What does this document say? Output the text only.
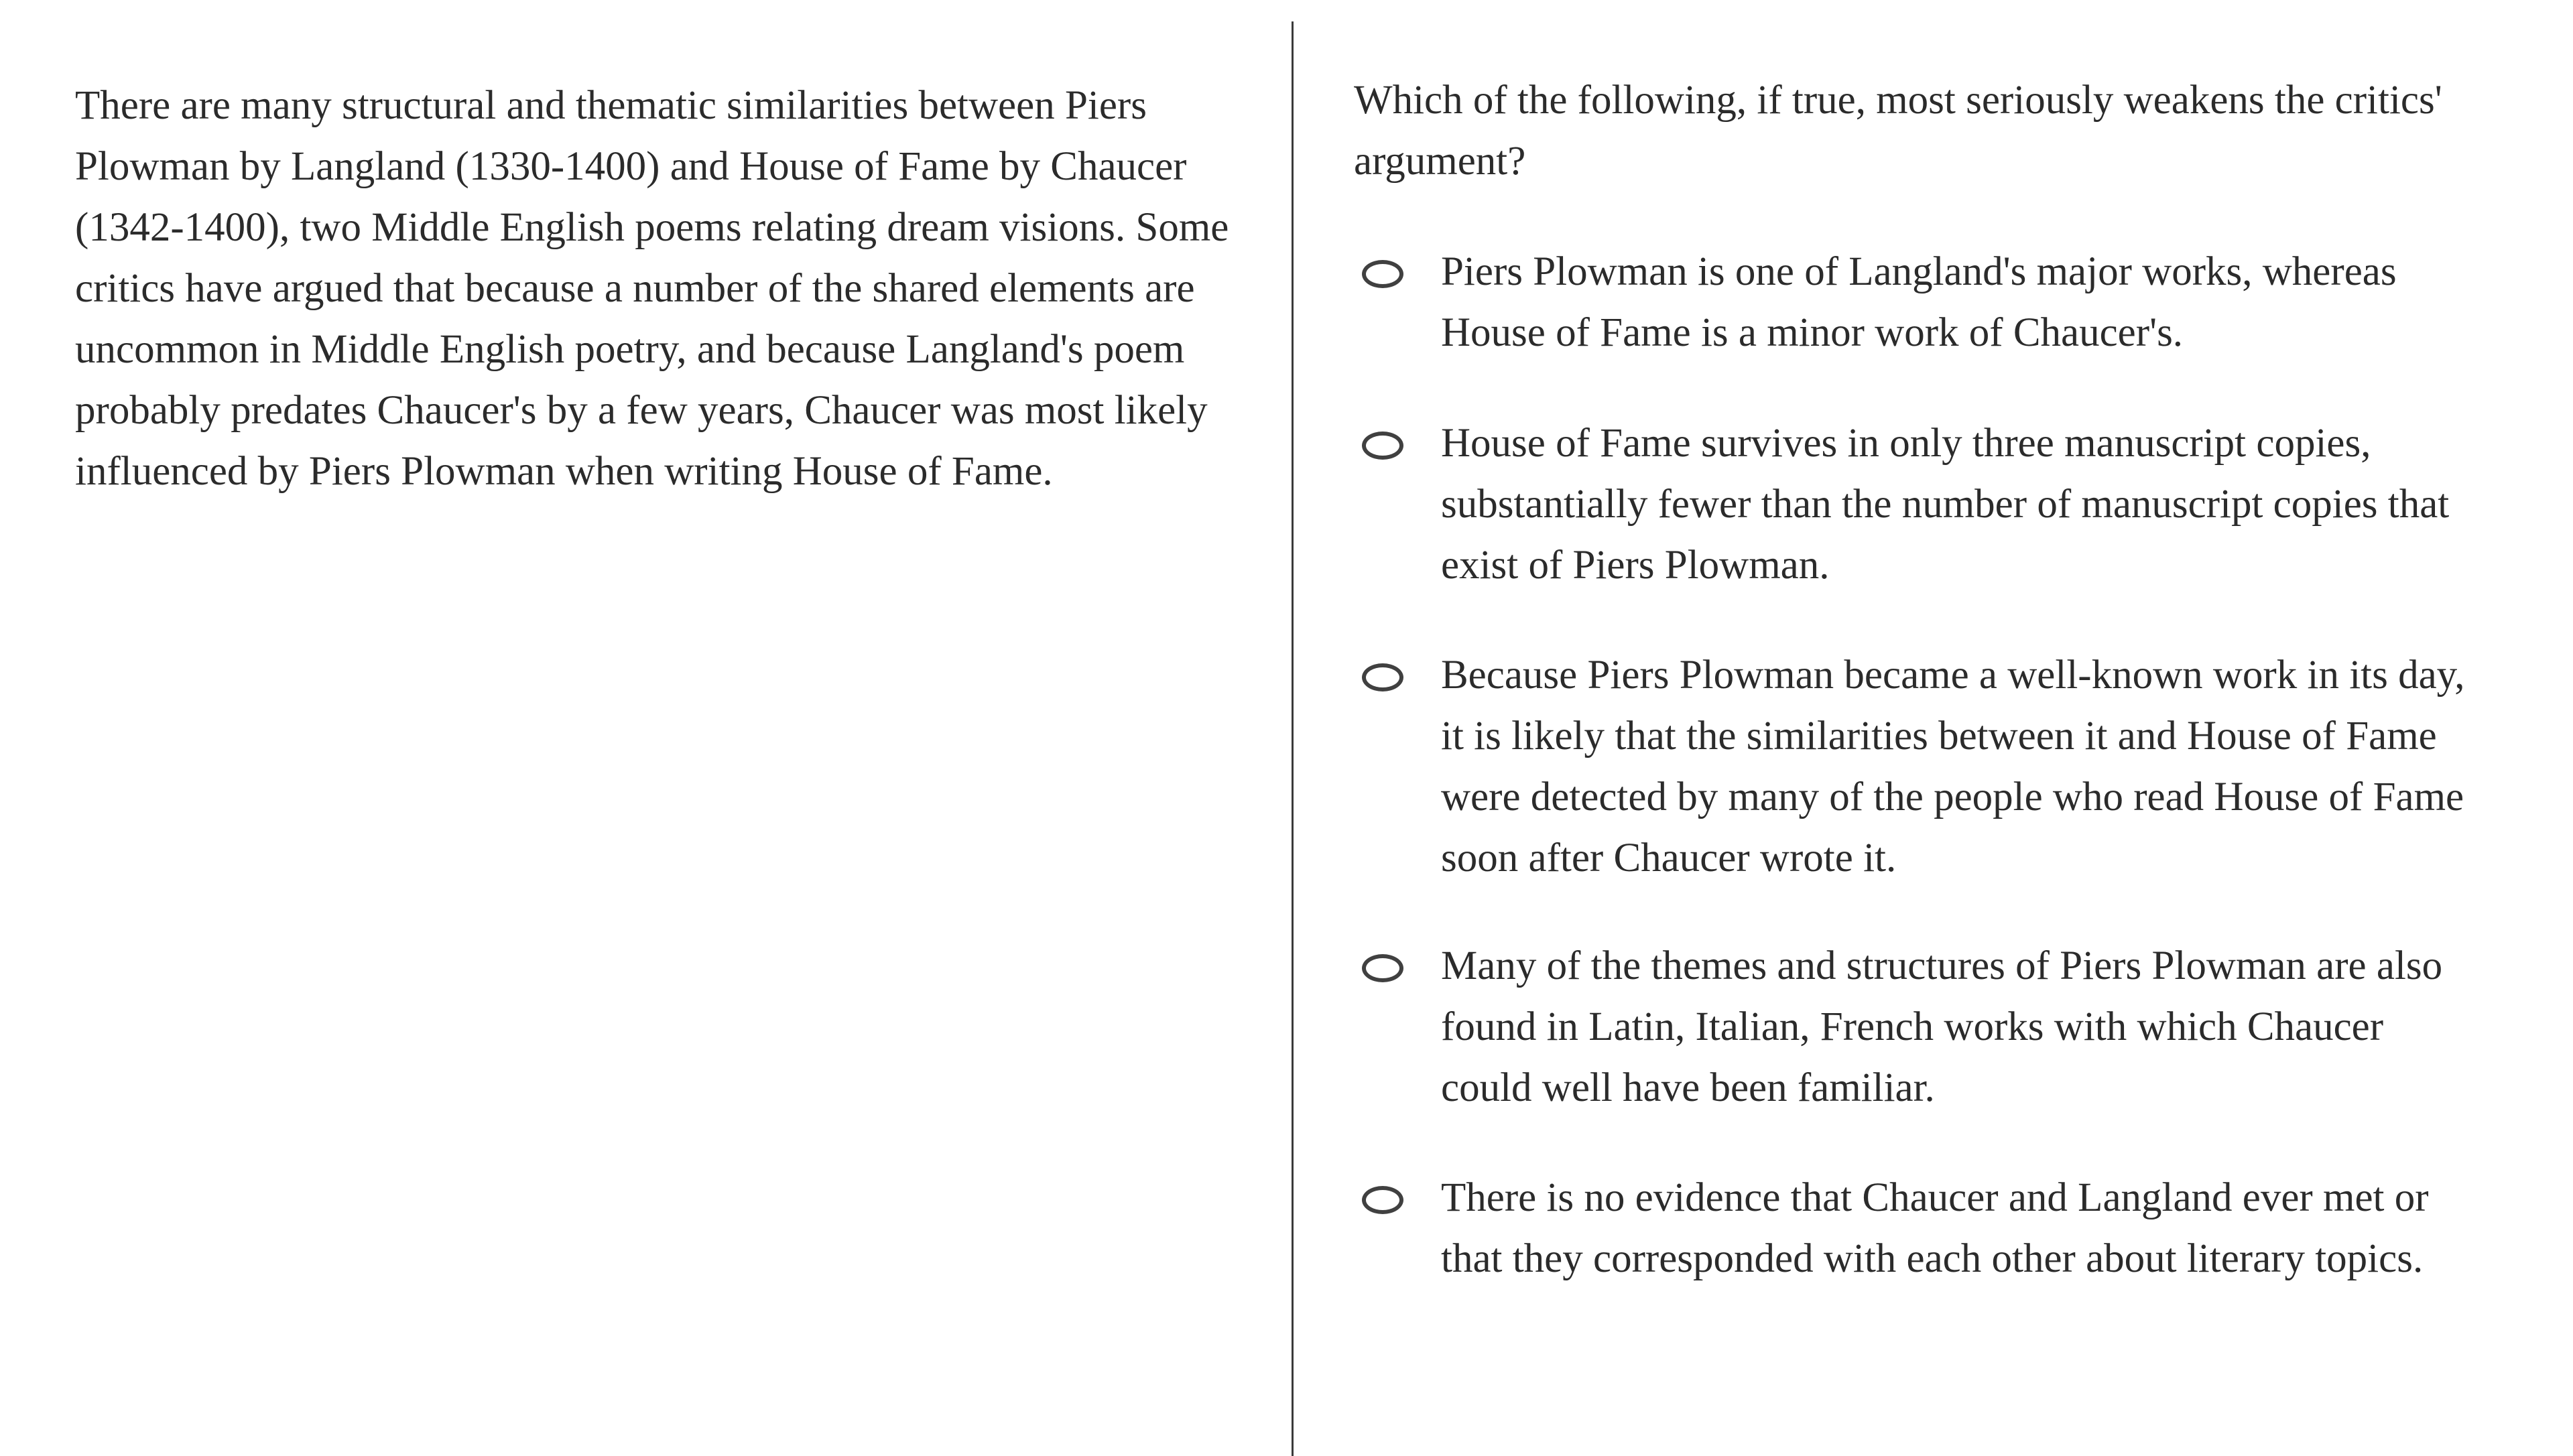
There are many structural and thematic similarities between Piers Plowman by Langland (1330-1400) and House of Fame by Chaucer (1342-1400), two Middle English poems relating dream visions. Some critics have argued that because a number of the shared elements are uncommon in Middle English poetry, and because Langland's poem probably predates Chaucer's by a few years, Chaucer was most likely influenced by Piers Plowman when writing House of Fame.

Which of the following, if true, most seriously weakens the critics' argument?

Piers Plowman is one of Langland's major works, whereas House of Fame is a minor work of Chaucer's.
House of Fame survives in only three manuscript copies, substantially fewer than the number of manuscript copies that exist of Piers Plowman.
Because Piers Plowman became a well-known work in its day, it is likely that the similarities between it and House of Fame were detected by many of the people who read House of Fame soon after Chaucer wrote it.
Many of the themes and structures of Piers Plowman are also found in Latin, Italian, French works with which Chaucer could well have been familiar.
There is no evidence that Chaucer and Langland ever met or that they corresponded with each other about literary topics.
